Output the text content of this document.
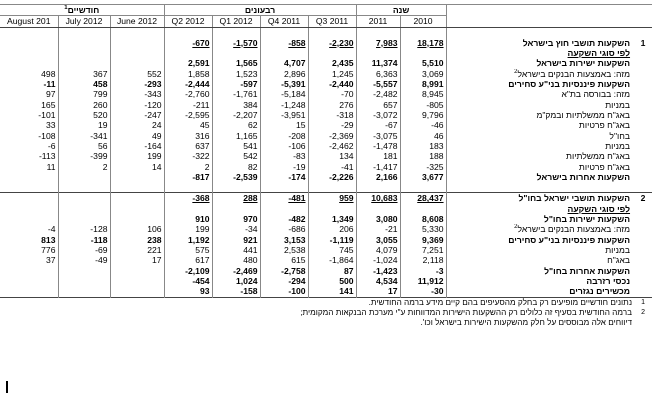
חודשיים$^1$			רבעונים				שנה			
August 201	July 2012	June 2012	Q2 2012	Q1 2012	Q4 2011	Q3 2011	2011	2010		

			-670	-1,570	-858	-2,230	7,983	18,178	השקעות תושבי חוץ בישראל	1
									לפי סוגי השקעה	
			2,591	1,565	4,707	2,435	11,374	5,510	השקעות ישירות בישראל	
498	367	552	1,858	1,523	2,896	1,245	6,363	3,069	מזה: באמצעות הבנקים בישראל$^2$	
-11	458	-293	-2,444	-597	-5,391	-2,440	-5,557	8,991	השקעות פיננסיות בני"ע סחירים	
97	799	-343	-2,760	-1,761	-5,184	-70	-2,482	8,945	מזה: בבורסה בת"א	
165	260	-120	-211	384	-1,248	276	657	-805	במניות	
-101	520	-247	-2,595	-2,207	-3,951	-318	-3,072	9,796	באג"ח ממשלתיות ובמק"מ	
33	19	24	45	62	15	-29	-67	-46	באג"ח פרטיות	
-108	-341	49	316	1,165	-208	-2,369	-3,075	46	בחו"ל	
-6	56	-164	637	541	-106	-2,462	-1,478	183	במניות	
-113	-399	199	-322	542	-83	134	181	188	באג"ח ממשלתיות	
11	2	14	2	82	-19	-41	-1,417	-325	באג"ח פרטיות	
			-817	-2,539	-174	-2,226	2,166	3,677	השקעות אחרות בישראל	

			-368	288	-481	959	10,683	28,437	השקעות תושבי ישראל בחו"ל	2
									לפי סוגי השקעה	
			910	970	-482	1,349	3,080	8,608	השקעות ישירות בחו"ל	
-4	-128	106	199	-34	-686	206	-21	5,330	מזה: באמצעות הבנקים בישראל$^2$	
813	-118	238	1,192	921	3,153	-1,119	3,055	9,369	השקעות פיננסיות בני"ע סחירים	
776	-69	221	575	441	2,538	745	4,079	7,251	במניות	
37	-49	17	617	480	615	-1,864	-1,024	2,118	באג"ח	
			-2,109	-2,469	-2,758	87	-1,423	-3	השקעות אחרות בחו"ל	
			-454	1,024	-294	500	4,534	11,912	נכסי רזרבה	
			93	-158	-100	141	17	-30	מכשירים נגזרים	
נתונים חודשיים מופיעים רק בחלק מהסעיפים בהם קיים מידע ברמה החודשית.										1
ברמה החודשית בסעיף זה כלולים רק ההשקעות הישירות המדווחות ע"י מערכת הבנקאות המקומית;										2
דיווחים אלה מבוססים על חלק מהשקעות הישירות בישראל וכו'.										
